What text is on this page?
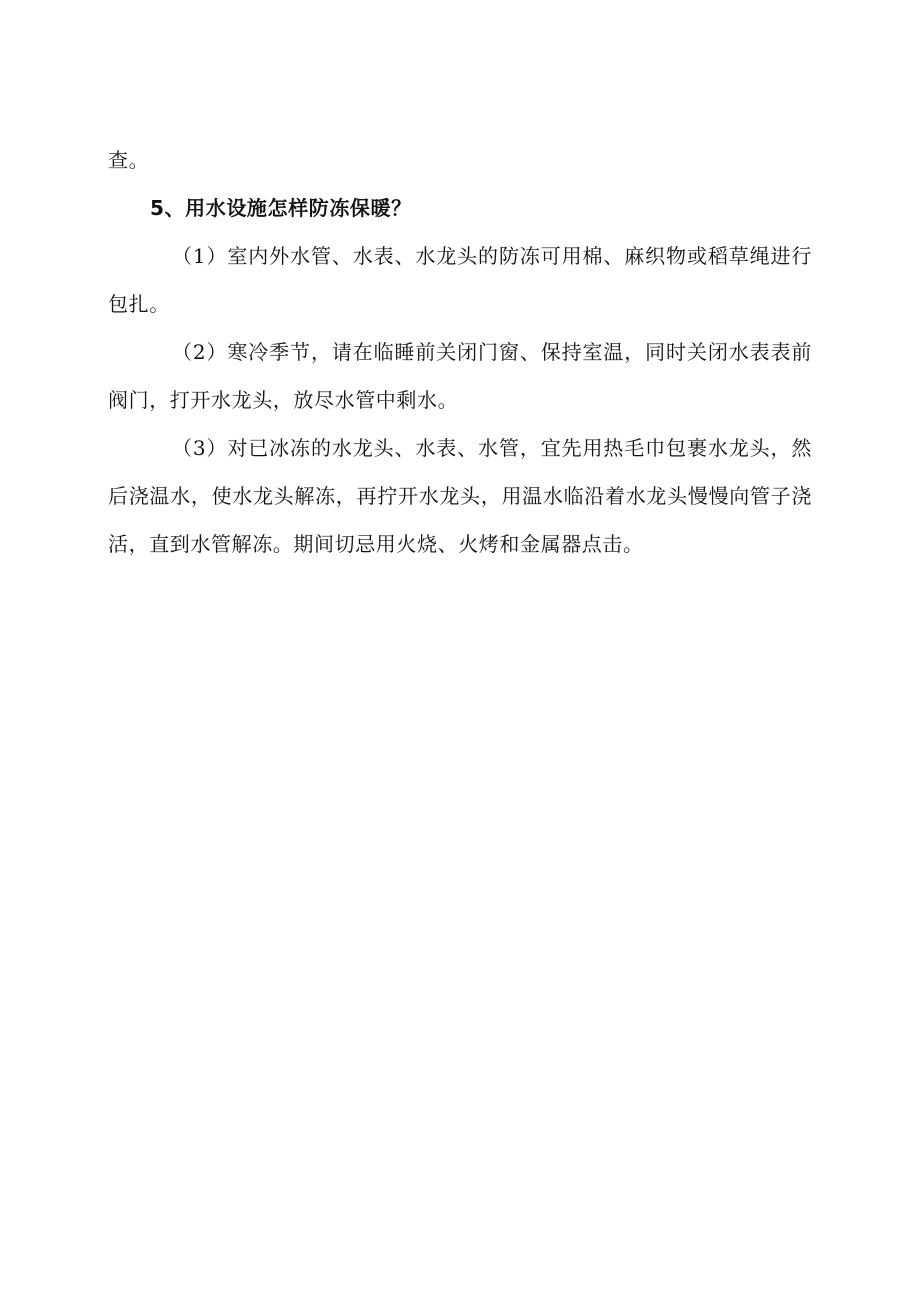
查。

5、用水设施怎样防冻保暖？

（1）室内外水管、水表、水龙头的防冻可用棉、麻织物或稻草绳进行包扎。

（2）寒冷季节，请在临睡前关闭门窗、保持室温，同时关闭水表表前阀门，打开水龙头，放尽水管中剩水。

（3）对已冰冻的水龙头、水表、水管，宜先用热毛巾包裹水龙头，然后浇温水，使水龙头解冻，再拧开水龙头，用温水临沿着水龙头慢慢向管子浇活，直到水管解冻。期间切忌用火烧、火烤和金属器点击。
